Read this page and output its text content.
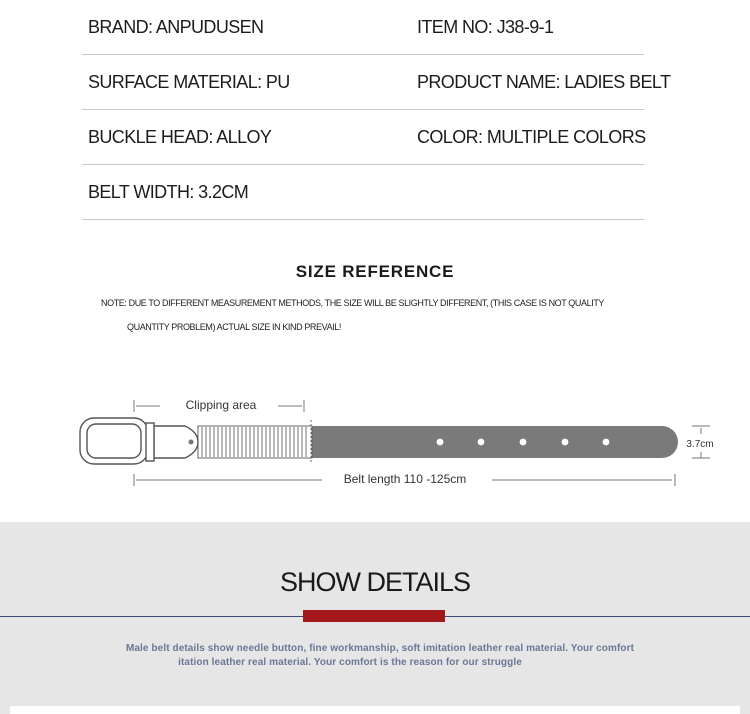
BRAND: ANPUDUSEN	ITEM NO: J38-9-1
SURFACE MATERIAL: PU	PRODUCT NAME: LADIES BELT
BUCKLE HEAD: ALLOY	COLOR: MULTIPLE COLORS
BELT WIDTH: 3.2CM
SIZE REFERENCE
NOTE: DUE TO DIFFERENT MEASUREMENT METHODS, THE SIZE WILL BE SLIGHTLY DIFFERENT, (THIS CASE IS NOT QUALITY
QUANTITY PROBLEM) ACTUAL SIZE IN KIND PREVAIL!
Clipping area
Belt length 110 -125cm
3.7cm
SHOW DETAILS
Male belt details show needle button, fine workmanship, soft imitation leather real material. Your comfort
itation leather real material. Your comfort is the reason for our struggle
